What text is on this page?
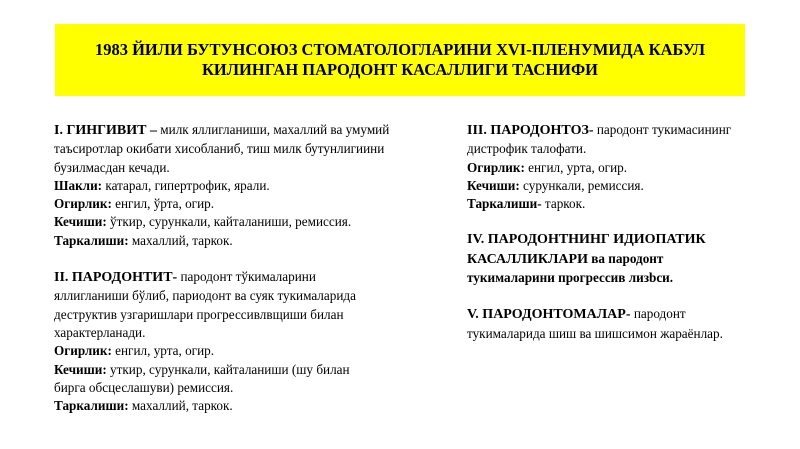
1983 ЙИЛИ БУТУНСОЮЗ СТОМАТОЛОГЛАРИНИ XVI-ПЛЕНУМИДА КАБУЛ
КИЛИНГАН ПАРОДОНТ КАСАЛЛИГИ ТАСНИФИ
I. ГИНГИВИТ – милк яллигланиши, махаллий ва умумий
таъсиротлар окибати хисобланиб, тиш милк бутунлигиини
бузилмасдан кечади.
Шакли: катарал, гипертрофик, ярали.
Огирлик: енгил, ўрта, огир.
Кечиши: ўткир, сурункали, кайталаниши, ремиссия.
Таркалиши: махаллий, таркок.
II. ПАРОДОНТИТ- пародонт тўкималарини
яллигланиши бўлиб, париодонт ва суяк тукималарида
деструктив узгаришлари прогрессивлвщиши билан
характерланади.
Огирлик: енгил, урта, огир.
Кечиши: уткир, сурункали, кайталаниши (шу билан
бирга обсцеслашуви) ремиссия.
Таркалиши: махаллий, таркок.
III. ПАРОДОНТОЗ- пародонт тукимасининг
дистрофик талофати.
Огирлик: енгил, урта, огир.
Кечиши: сурункали, ремиссия.
Таркалиши- таркок.
IV. ПАРОДОНТНИНГ ИДИОПАТИК
КАСАЛЛИКЛАРИ ва пародонт
тукималарини прогрессив лизbси.
V. ПАРОДОНТОМАЛАР- пародонт
тукималарида шиш ва шишсимон жараёнлар.
